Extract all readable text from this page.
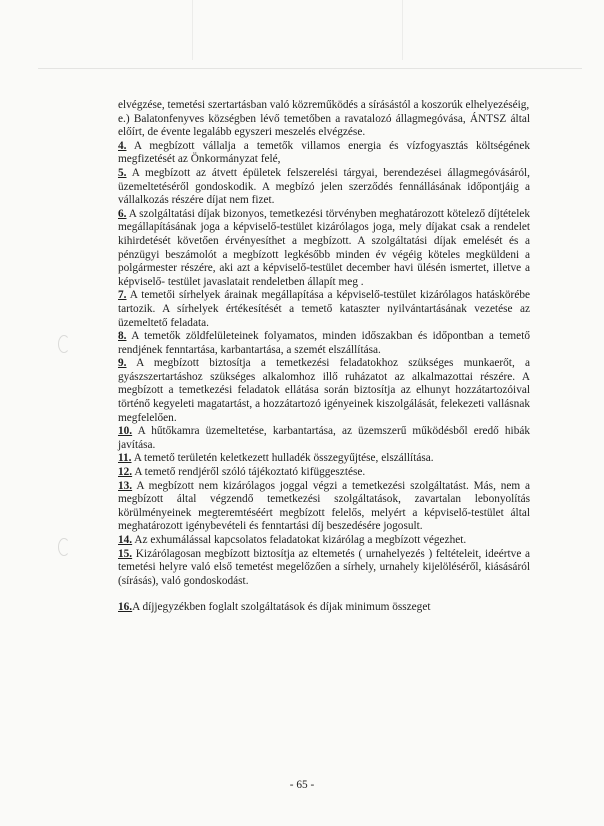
elvégzése, temetési szertartásban való közreműködés a sírásástól a koszorúk elhelyezéséig,

e.) Balatonfenyves községben lévő temetőben a ravatalozó állagmegóvása, ÁNTSZ által előírt, de évente legalább egyszeri meszelés elvégzése.

4. A megbízott vállalja a temetők villamos energia és vízfogyasztás költségének megfizetését az Önkormányzat felé,

5. A megbízott az átvett épületek felszerelési tárgyai, berendezései állagmegóvásáról, üzemeltetéséről gondoskodik. A megbízó jelen szerződés fennállásának időpontjáig a vállalkozás részére díjat nem fizet.

6. A szolgáltatási díjak bizonyos, temetkezési törvényben meghatározott kötelező díjtételek megállapításának joga a képviselő-testület kizárólagos joga, mely díjakat csak a rendelet kihirdetését követően érvényesíthet a megbízott. A szolgáltatási díjak emelését és a pénzügyi beszámolót a megbízott legkésőbb minden év végéig köteles megküldeni a polgármester részére, aki azt a képviselő-testület december havi ülésén ismertet, illetve a képviselő- testület javaslatait rendeletben állapít meg .

7. A temetői sírhelyek árainak megállapítása a képviselő-testület kizárólagos hatáskörébe tartozik. A sírhelyek értékesítését a temető kataszter nyilvántartásának vezetése az üzemeltető feladata.

8. A temetők zöldfelületeinek folyamatos, minden időszakban és időpontban a temető rendjének fenntartása, karbantartása, a szemét elszállítása.

9. A megbízott biztosítja a temetkezési feladatokhoz szükséges munkaerőt, a gyászszertartáshoz szükséges alkalomhoz illő ruházatot az alkalmazottai részére. A megbízott a temetkezési feladatok ellátása során biztosítja az elhunyt hozzátartozóival történő kegyeleti magatartást, a hozzátartozó igényeinek kiszolgálását, felekezeti vallásnak megfelelően.

10. A hűtőkamra üzemeltetése, karbantartása, az üzemszerű működésből eredő hibák javítása.

11. A temető területén keletkezett hulladék összegyűjtése, elszállítása.

12. A temető rendjéről szóló tájékoztató kifüggesztése.

13. A megbízott nem kizárólagos joggal végzi a temetkezési szolgáltatást. Más, nem a megbízott által végzendő temetkezési szolgáltatások, zavartalan lebonyolítás körülményeinek megteremtéséért megbízott felelős, melyért a képviselő-testület által meghatározott igénybevételi és fenntartási díj beszedésére jogosult.

14. Az exhumálással kapcsolatos feladatokat kizárólag a megbízott végezhet.

15. Kizárólagosan megbízott biztosítja az eltemetés ( urnahelyezés ) feltételeit, ideértve a temetési helyre való első temetést megelőzően a sírhely, urnahely kijelöléséről, kiásásáról (sírásás), való gondoskodást.

16.A díjjegyzékben foglalt szolgáltatások és díjak minimum összeget

- 65 -
